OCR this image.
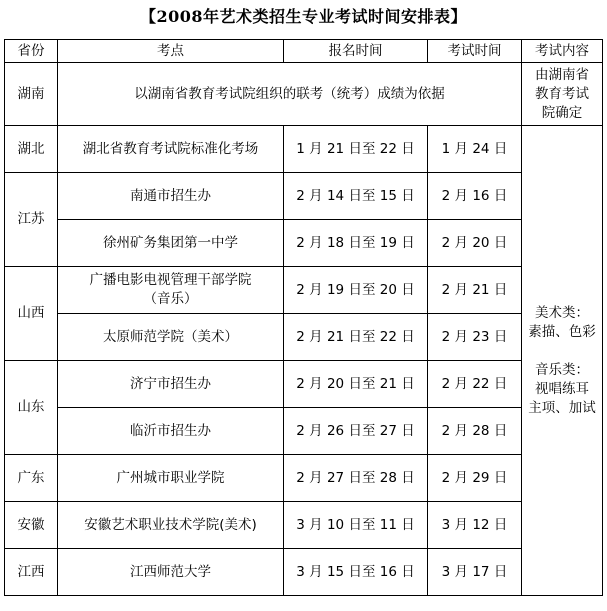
【2008年艺术类招生专业考试时间安排表】
省份	考点	报名时间	考试时间	考试内容
湖南	以湖南省教育考试院组织的联考（统考）成绩为依据			由湖南省
教育考试
院确定

湖北	湖北省教育考试院标准化考场	1 月 21 日至 22 日	1 月 24 日	美术类：
素描、色彩
音乐类：
视唱练耳
主项、加试

江苏	南通市招生办	2 月 14 日至 15 日	2 月 16 日	
	徐州矿务集团第一中学	2 月 18 日至 19 日	2 月 20 日	
山西	广播电影电视管理干部学院
（音乐）	2 月 19 日至 20 日	2 月 21 日	
	太原师范学院（美术）	2 月 21 日至 22 日	2 月 23 日	
山东	济宁市招生办	2 月 20 日至 21 日	2 月 22 日	
	临沂市招生办	2 月 26 日至 27 日	2 月 28 日	
广东	广州城市职业学院	2 月 27 日至 28 日	2 月 29 日	
安徽	安徽艺术职业技术学院(美术)	3 月 10 日至 11 日	3 月 12 日	
江西	江西师范大学	3 月 15 日至 16 日	3 月 17 日	
